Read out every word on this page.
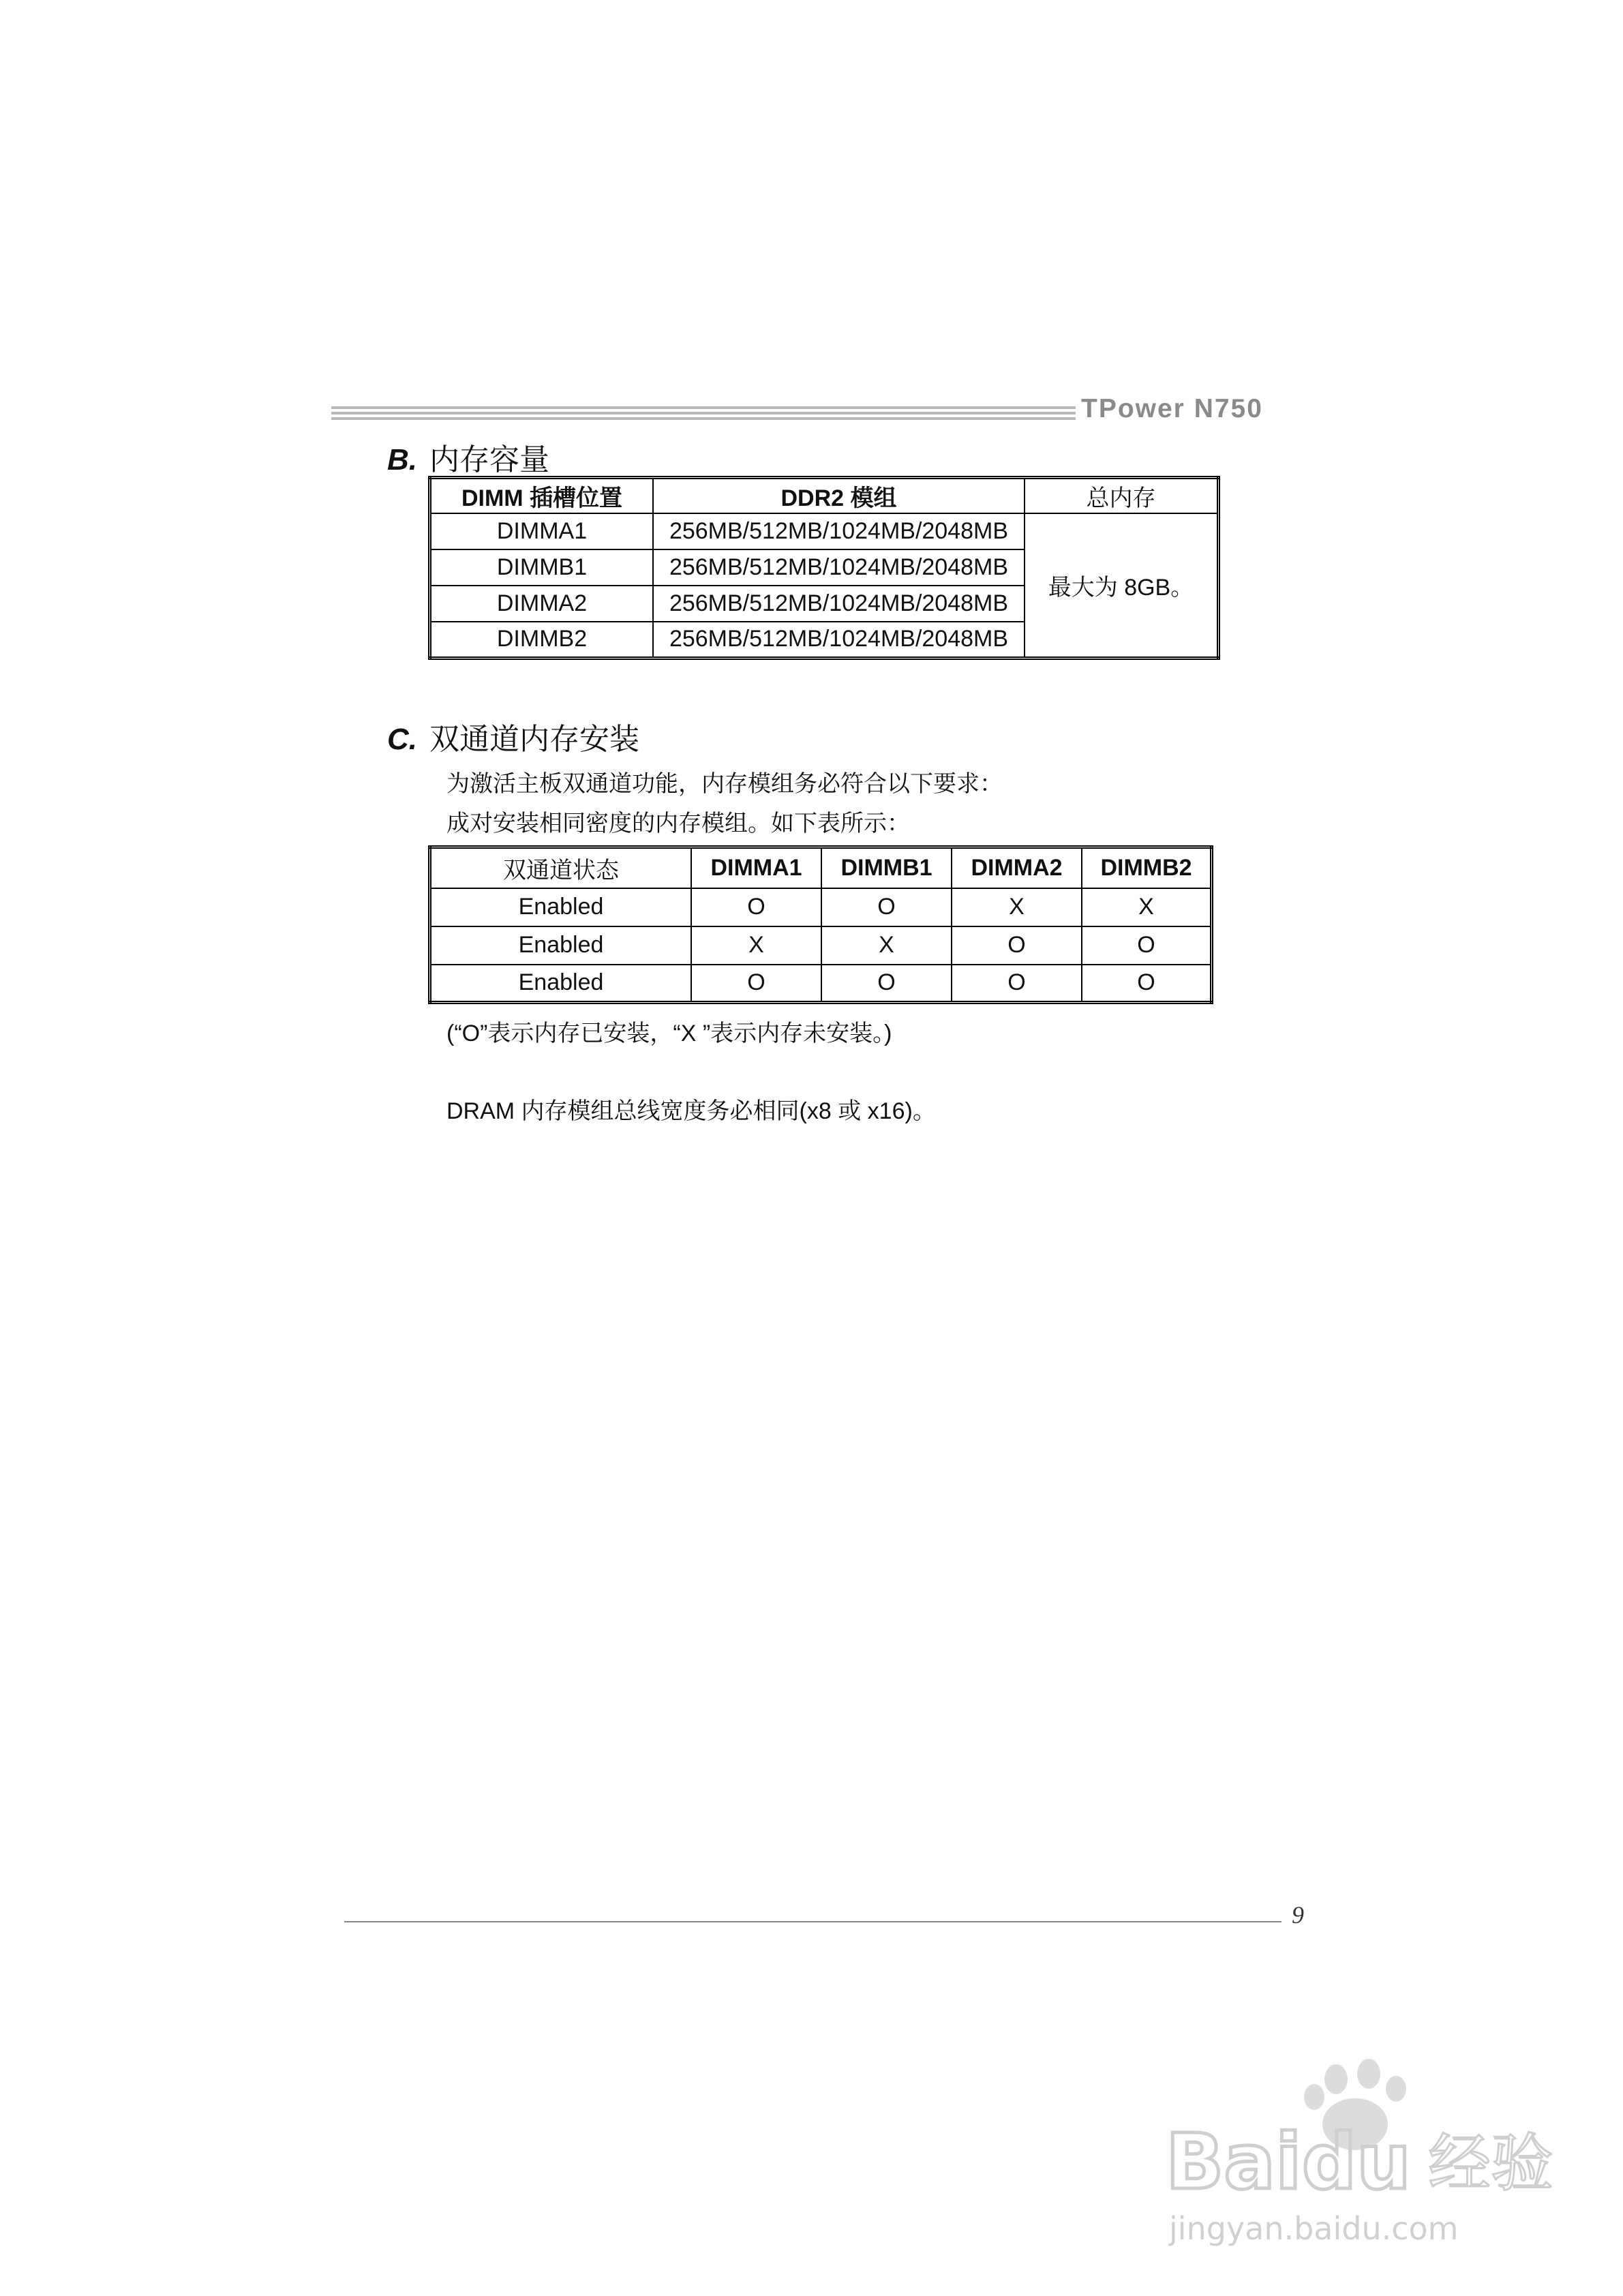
TPower N750
B. 内存容量
DIMM 插槽位置	DDR2 模组	总内存
DIMMA1	256MB/512MB/1024MB/2048MB	最大为 8GB。
DIMMB1	256MB/512MB/1024MB/2048MB	
DIMMA2	256MB/512MB/1024MB/2048MB	
DIMMB2	256MB/512MB/1024MB/2048MB	
C. 双通道内存安装
为激活主板双通道功能，内存模组务必符合以下要求：
成对安装相同密度的内存模组。如下表所示：
双通道状态	DIMMA1	DIMMB1	DIMMA2	DIMMB2
Enabled	O	O	X	X
Enabled	X	X	O	O
Enabled	O	O	O	O
(“O”表示内存已安装，“X ”表示内存未安装。)
DRAM 内存模组总线宽度务必相同(x8 或 x16)。
9
Bai du 经验
jingyan.baidu.com
